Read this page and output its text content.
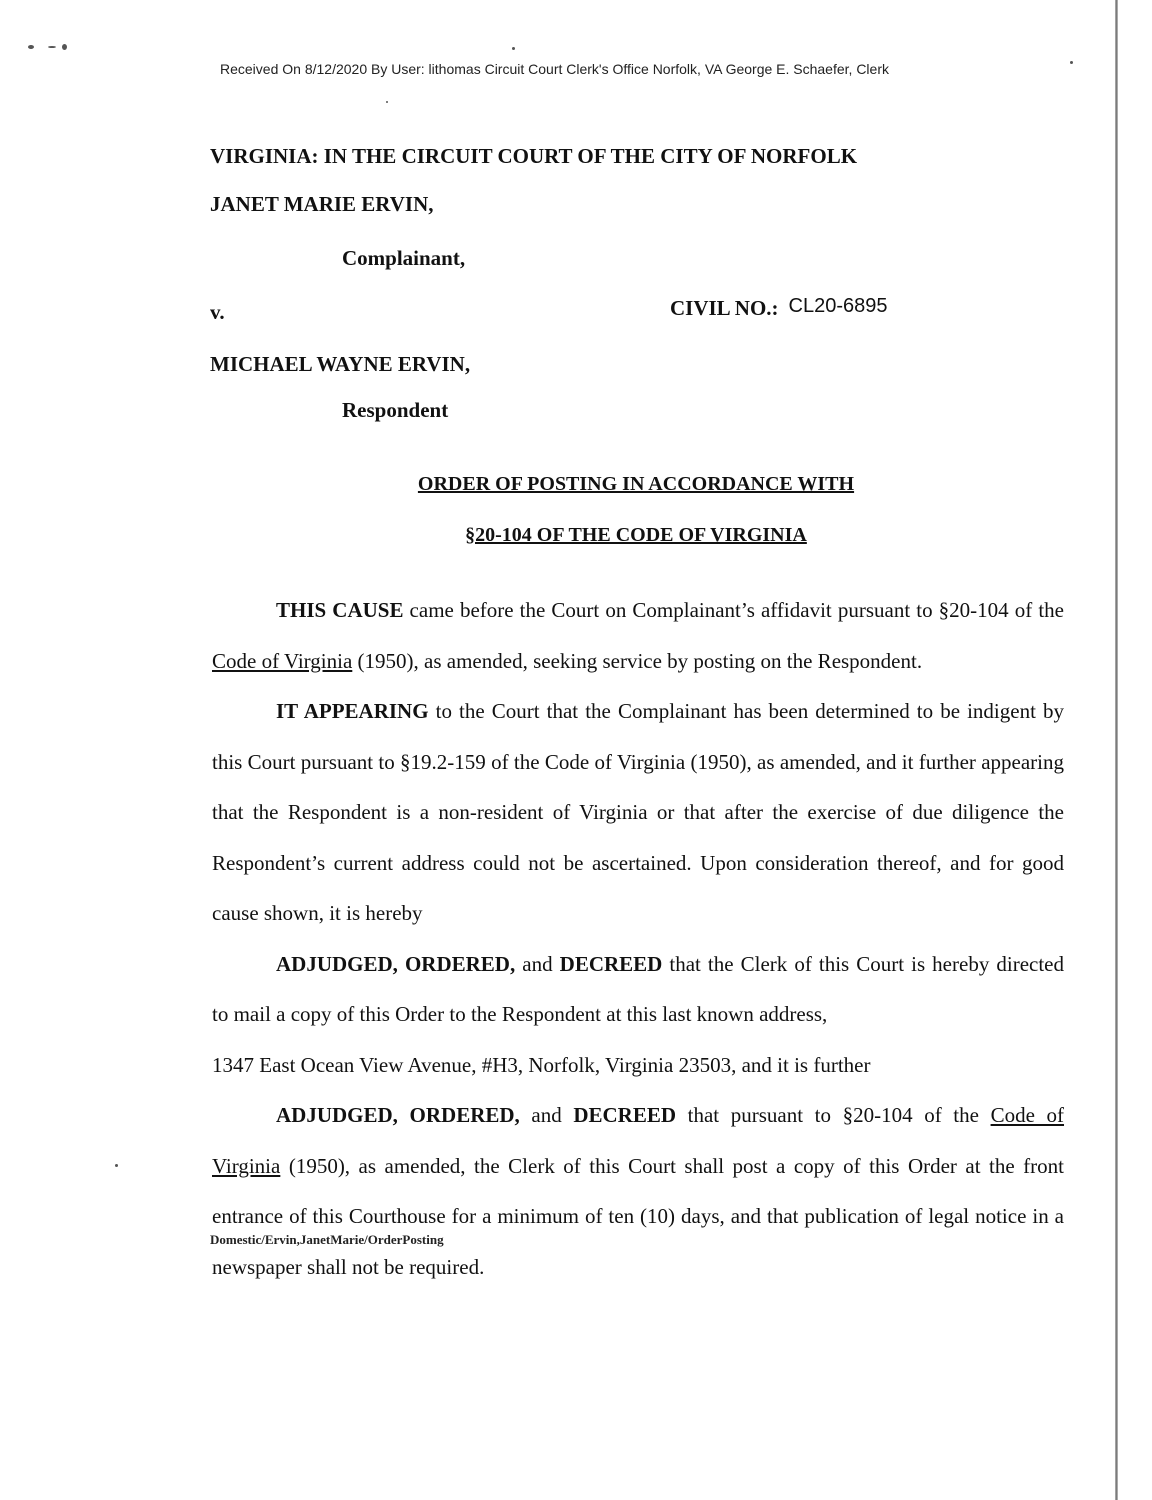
Received On 8/12/2020 By User: lithomas Circuit Court Clerk's Office Norfolk, VA George E. Schaefer, Clerk
VIRGINIA: IN THE CIRCUIT COURT OF THE CITY OF NORFOLK
JANET MARIE ERVIN,
Complainant,
v.	CIVIL NO.: CL20-6895
MICHAEL WAYNE ERVIN,
Respondent
ORDER OF POSTING IN ACCORDANCE WITH
§20-104 OF THE CODE OF VIRGINIA

THIS CAUSE came before the Court on Complainant’s affidavit pursuant to §20-104 of the Code of Virginia (1950), as amended, seeking service by posting on the Respondent.

IT APPEARING to the Court that the Complainant has been determined to be indigent by this Court pursuant to §19.2-159 of the Code of Virginia (1950), as amended, and it further appearing that the Respondent is a non-resident of Virginia or that after the exercise of due diligence the Respondent’s current address could not be ascertained. Upon consideration thereof, and for good cause shown, it is hereby

ADJUDGED, ORDERED, and DECREED that the Clerk of this Court is hereby directed to mail a copy of this Order to the Respondent at this last known address,

1347 East Ocean View Avenue, #H3, Norfolk, Virginia 23503, and it is further

ADJUDGED, ORDERED, and DECREED that pursuant to §20-104 of the Code of Virginia (1950), as amended, the Clerk of this Court shall post a copy of this Order at the front entrance of this Courthouse for a minimum of ten (10) days, and that publication of legal notice in a newspaper shall not be required.

Domestic/Ervin,JanetMarie/OrderPosting
